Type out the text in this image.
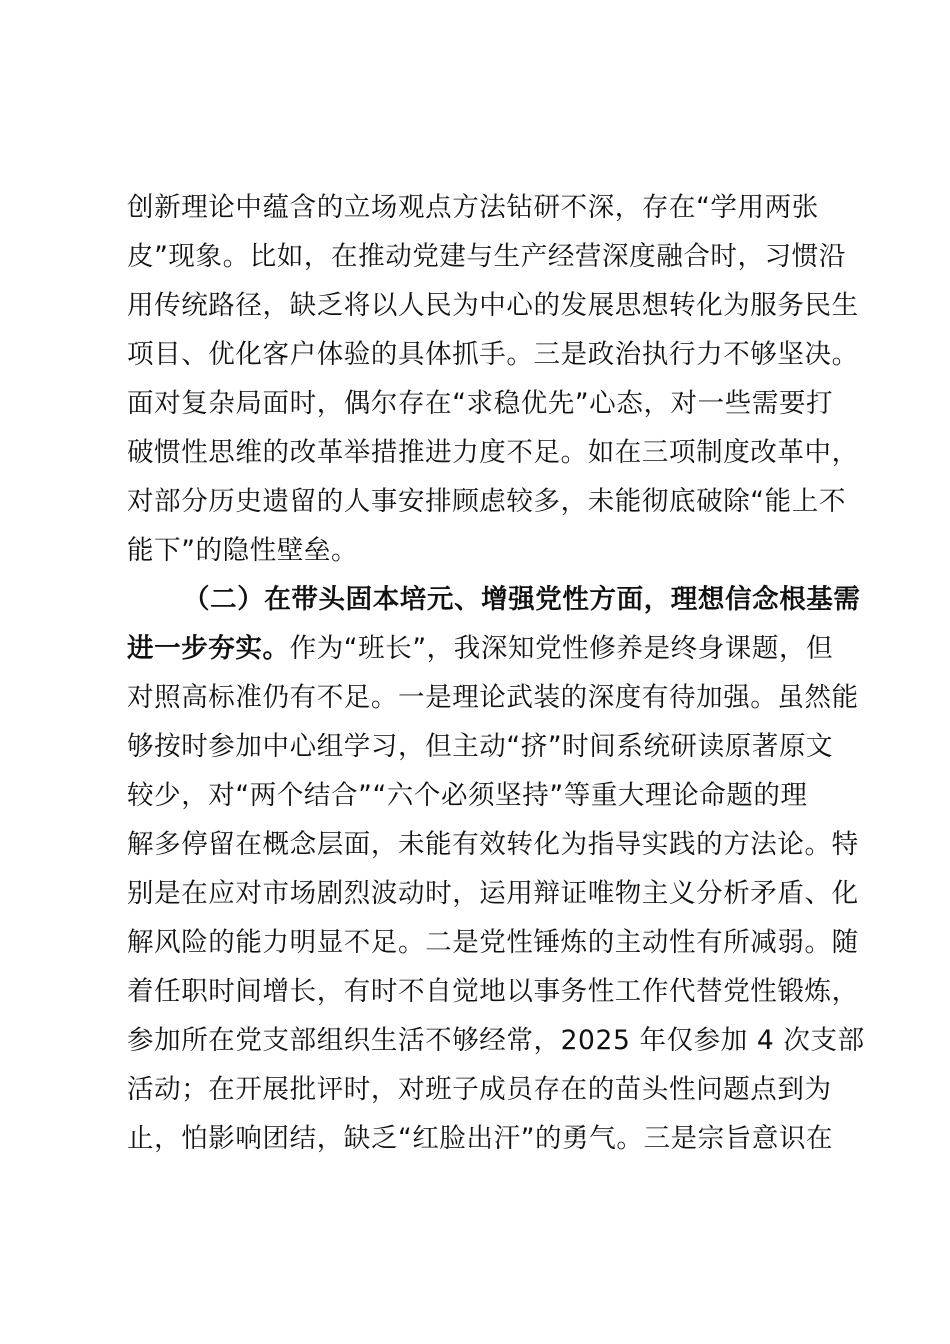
创新理论中蕴含的立场观点方法钻研不深，存在“学用两张
皮”现象。比如，在推动党建与生产经营深度融合时，习惯沿
用传统路径，缺乏将以人民为中心的发展思想转化为服务民生
项目、优化客户体验的具体抓手。三是政治执行力不够坚决。
面对复杂局面时，偶尔存在“求稳优先”心态，对一些需要打
破惯性思维的改革举措推进力度不足。如在三项制度改革中，
对部分历史遗留的人事安排顾虑较多，未能彻底破除“能上不
能下”的隐性壁垒。
（二）在带头固本培元、增强党性方面，理想信念根基需
进一步夯实。作为“班长”，我深知党性修养是终身课题，但
对照高标准仍有不足。一是理论武装的深度有待加强。虽然能
够按时参加中心组学习，但主动“挤”时间系统研读原著原文
较少，对“两个结合”“六个必须坚持”等重大理论命题的理
解多停留在概念层面，未能有效转化为指导实践的方法论。特
别是在应对市场剧烈波动时，运用辩证唯物主义分析矛盾、化
解风险的能力明显不足。二是党性锤炼的主动性有所减弱。随
着任职时间增长，有时不自觉地以事务性工作代替党性锻炼，
参加所在党支部组织生活不够经常，2025 年仅参加 4 次支部
活动；在开展批评时，对班子成员存在的苗头性问题点到为
止，怕影响团结，缺乏“红脸出汗”的勇气。三是宗旨意识在
